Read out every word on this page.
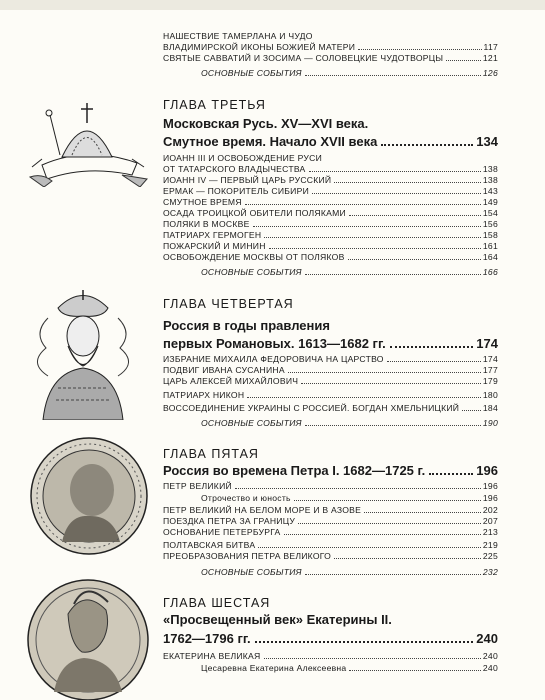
НАШЕСТВИЕ ТАМЕРЛАНА И ЧУДО
ВЛАДИМИРСКОЙ ИКОНЫ БОЖИЕЙ МАТЕРИ	117
СВЯТЫЕ САВВАТИЙ И ЗОСИМА — СОЛОВЕЦКИЕ ЧУДОТВОРЦЫ	121
ОСНОВНЫЕ СОБЫТИЯ	126
ГЛАВА ТРЕТЬЯ
Московская Русь. XV—XVI века.
Смутное время. Начало XVII века	134
ИОАНН III И ОСВОБОЖДЕНИЕ РУСИ
ОТ ТАТАРСКОГО ВЛАДЫЧЕСТВА	138
ИОАНН IV — ПЕРВЫЙ ЦАРЬ РУССКИЙ	138
ЕРМАК — ПОКОРИТЕЛЬ СИБИРИ	143
СМУТНОЕ ВРЕМЯ	149
ОСАДА ТРОИЦКОЙ ОБИТЕЛИ ПОЛЯКАМИ	154
ПОЛЯКИ В МОСКВЕ	156
ПАТРИАРХ ГЕРМОГЕН	158
ПОЖАРСКИЙ И МИНИН	161
ОСВОБОЖДЕНИЕ МОСКВЫ ОТ ПОЛЯКОВ	164
ОСНОВНЫЕ СОБЫТИЯ	166
ГЛАВА ЧЕТВЕРТАЯ
Россия в годы правления
первых Романовых. 1613—1682 гг.	174
ИЗБРАНИЕ МИХАИЛА ФЕДОРОВИЧА НА ЦАРСТВО	174
ПОДВИГ ИВАНА СУСАНИНА	177
ЦАРЬ АЛЕКСЕЙ МИХАЙЛОВИЧ	179
ПАТРИАРХ НИКОН	180
ВОССОЕДИНЕНИЕ УКРАИНЫ С РОССИЕЙ. БОГДАН ХМЕЛЬНИЦКИЙ	184
ОСНОВНЫЕ СОБЫТИЯ	190
ГЛАВА ПЯТАЯ
Россия во времена Петра I. 1682—1725 г.	196
ПЕТР ВЕЛИКИЙ	196
Отрочество и юность	196
ПЕТР ВЕЛИКИЙ НА БЕЛОМ МОРЕ И В АЗОВЕ	202
ПОЕЗДКА ПЕТРА ЗА ГРАНИЦУ	207
ОСНОВАНИЕ ПЕТЕРБУРГА	213
ПОЛТАВСКАЯ БИТВА	219
ПРЕОБРАЗОВАНИЯ ПЕТРА ВЕЛИКОГО	225
ОСНОВНЫЕ СОБЫТИЯ	232
ГЛАВА ШЕСТАЯ
«Просвещенный век» Екатерины II.
1762—1796 гг.	240
ЕКАТЕРИНА ВЕЛИКАЯ	240
Цесаревна Екатерина Алексеевна	240
